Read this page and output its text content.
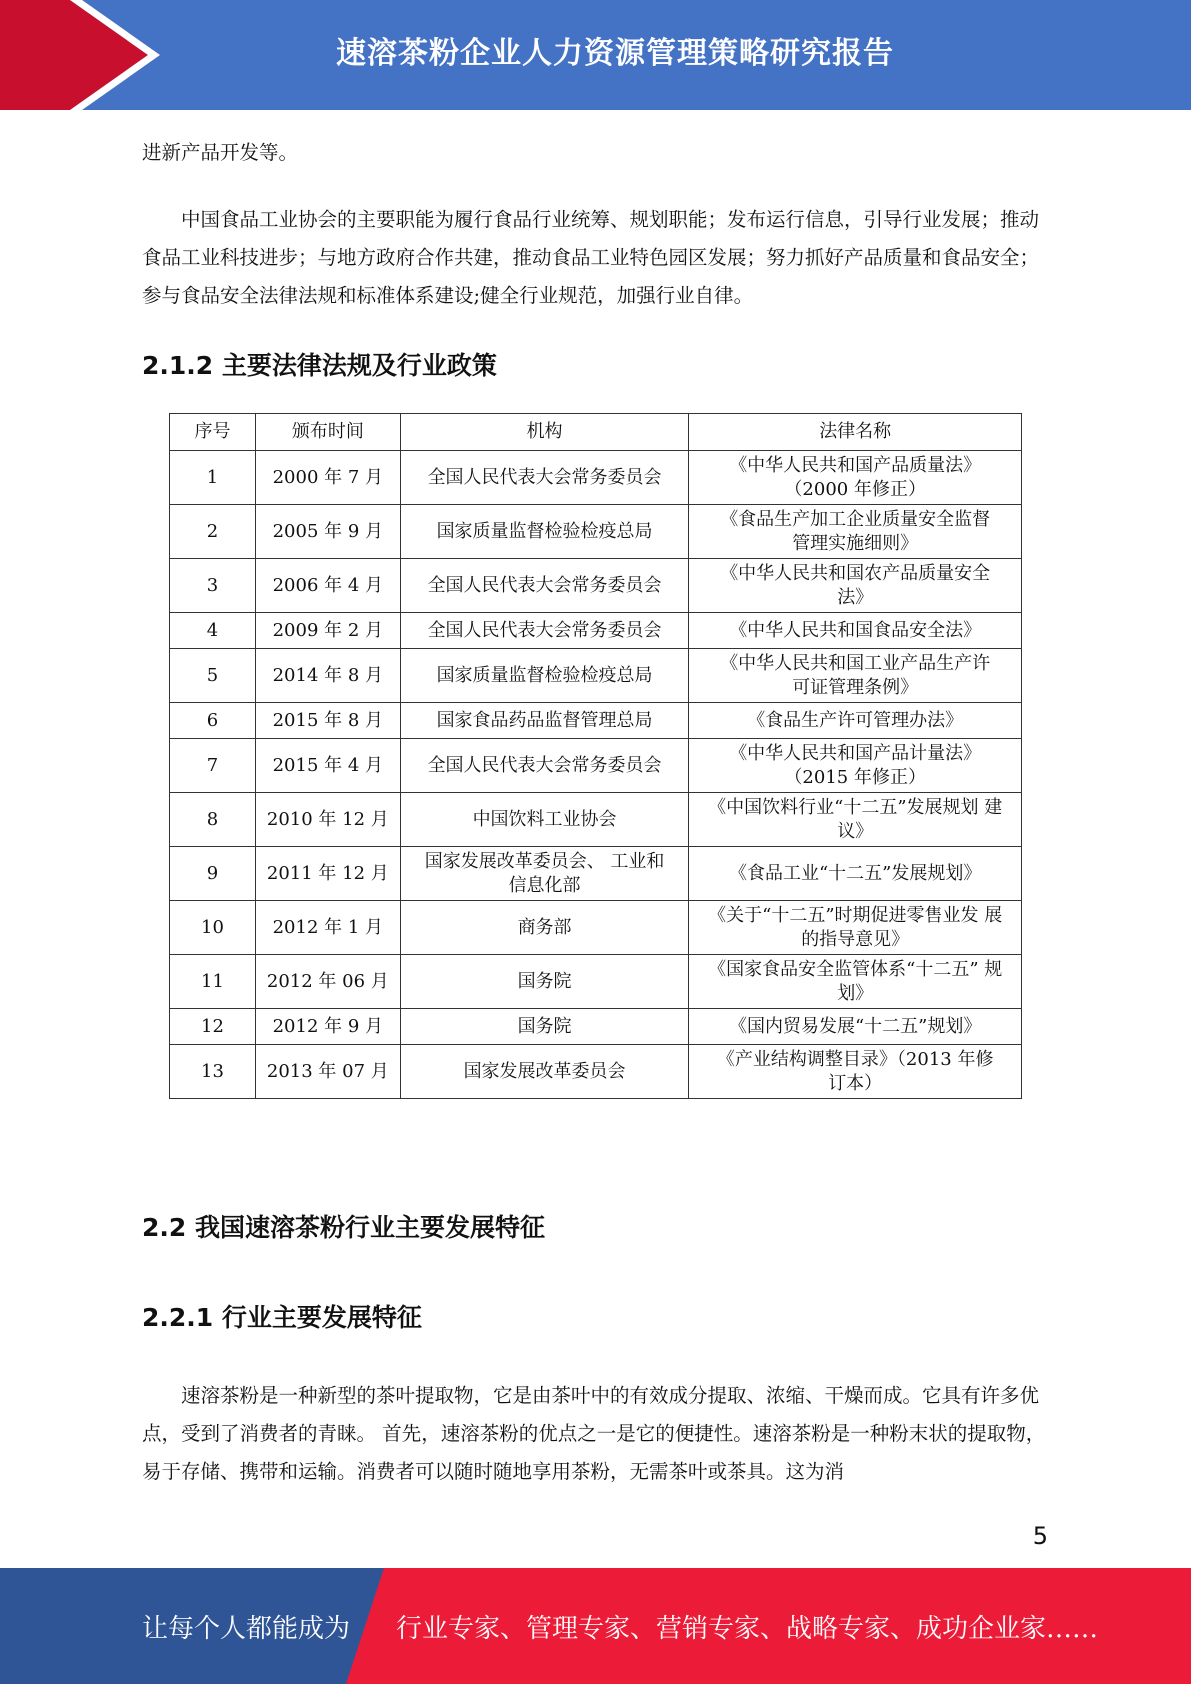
速溶茶粉企业人力资源管理策略研究报告

进新产品开发等。

中国食品工业协会的主要职能为履行食品行业统筹、规划职能；发布运行信息，引导行业发展；推动食品工业科技进步；与地方政府合作共建，推动食品工业特色园区发展；努力抓好产品质量和食品安全；参与食品安全法律法规和标准体系建设;健全行业规范，加强行业自律。

2.1.2 主要法律法规及行业政策
序号	颁布时间	机构	法律名称
1	2000 年 7 月	全国人民代表大会常务委员会	《中华人民共和国产品质量法》
（2000 年修正）
2	2005 年 9 月	国家质量监督检验检疫总局	《食品生产加工企业质量安全监督
管理实施细则》
3	2006 年 4 月	全国人民代表大会常务委员会	《中华人民共和国农产品质量安全
法》
4	2009 年 2 月	全国人民代表大会常务委员会	《中华人民共和国食品安全法》
5	2014 年 8 月	国家质量监督检验检疫总局	《中华人民共和国工业产品生产许
可证管理条例》
6	2015 年 8 月	国家食品药品监督管理总局	《食品生产许可管理办法》
7	2015 年 4 月	全国人民代表大会常务委员会	《中华人民共和国产品计量法》
（2015 年修正）
8	2010 年 12 月	中国饮料工业协会	《中国饮料行业“十二五”发展规划 建
议》
9	2011 年 12 月	国家发展改革委员会、 工业和
信息化部	《食品工业“十二五”发展规划》
10	2012 年 1 月	商务部	《关于“十二五”时期促进零售业发 展
的指导意见》
11	2012 年 06 月	国务院	《国家食品安全监管体系“十二五” 规
划》
12	2012 年 9 月	国务院	《国内贸易发展“十二五”规划》
13	2013 年 07 月	国家发展改革委员会	《产业结构调整目录》（2013 年修
订本）
2.2 我国速溶茶粉行业主要发展特征
2.2.1 行业主要发展特征

速溶茶粉是一种新型的茶叶提取物，它是由茶叶中的有效成分提取、浓缩、干燥而成。它具有许多优点，受到了消费者的青睐。 首先，速溶茶粉的优点之一是它的便捷性。速溶茶粉是一种粉末状的提取物，易于存储、携带和运输。消费者可以随时随地享用茶粉，无需茶叶或茶具。这为消

5
让每个人都能成为 行业专家、管理专家、营销专家、战略专家、成功企业家……
